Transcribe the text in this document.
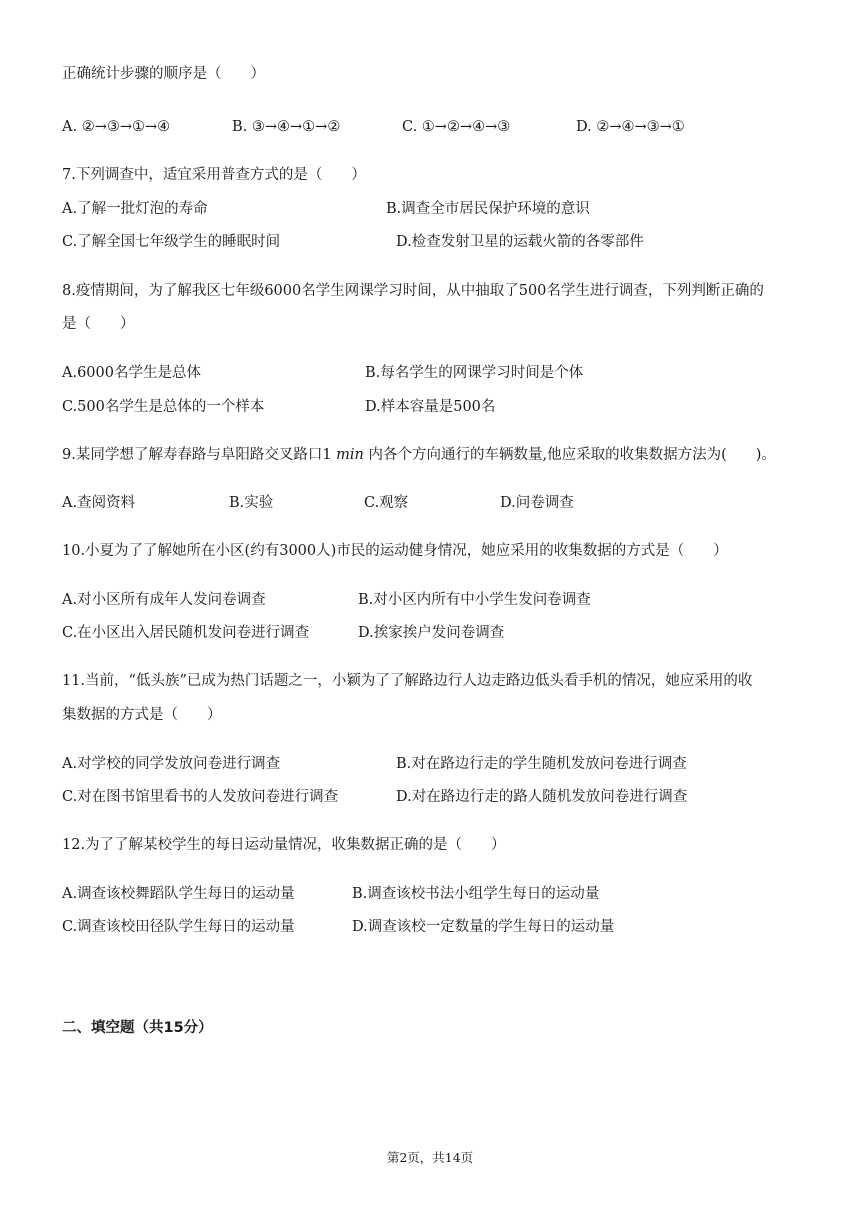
正确统计步骤的顺序是（　　）
A. ②→③→①→④	B. ③→④→①→②	C. ①→②→④→③	D. ②→④→③→①
7.下列调查中，适宜采用普查方式的是（　　）
A.了解一批灯泡的寿命	B.调查全市居民保护环境的意识
C.了解全国七年级学生的睡眠时间	D.检查发射卫星的运载火箭的各零部件
8.疫情期间，为了解我区七年级6000名学生网课学习时间，从中抽取了500名学生进行调查，下列判断正确的
是（　　）
A.6000名学生是总体	B.每名学生的网课学习时间是个体
C.500名学生是总体的一个样本	D.样本容量是500名
9.某同学想了解寿春路与阜阳路交叉路口1 min 内各个方向通行的车辆数量,他应采取的收集数据方法为(　　)。
A.查阅资料	B.实验	C.观察	D.问卷调查
10.小夏为了了解她所在小区(约有3000人)市民的运动健身情况，她应采用的收集数据的方式是（　　）
A.对小区所有成年人发问卷调查	B.对小区内所有中小学生发问卷调查
C.在小区出入居民随机发问卷进行调查	D.挨家挨户发问卷调查
11.当前，“低头族”已成为热门话题之一，小颖为了了解路边行人边走路边低头看手机的情况，她应采用的收
集数据的方式是（　　）
A.对学校的同学发放问卷进行调查	B.对在路边行走的学生随机发放问卷进行调查
C.对在图书馆里看书的人发放问卷进行调查	D.对在路边行走的路人随机发放问卷进行调查
12.为了了解某校学生的每日运动量情况，收集数据正确的是（　　）
A.调查该校舞蹈队学生每日的运动量	B.调查该校书法小组学生每日的运动量
C.调查该校田径队学生每日的运动量	D.调查该校一定数量的学生每日的运动量
二、填空题（共15分）
第2页，共14页
